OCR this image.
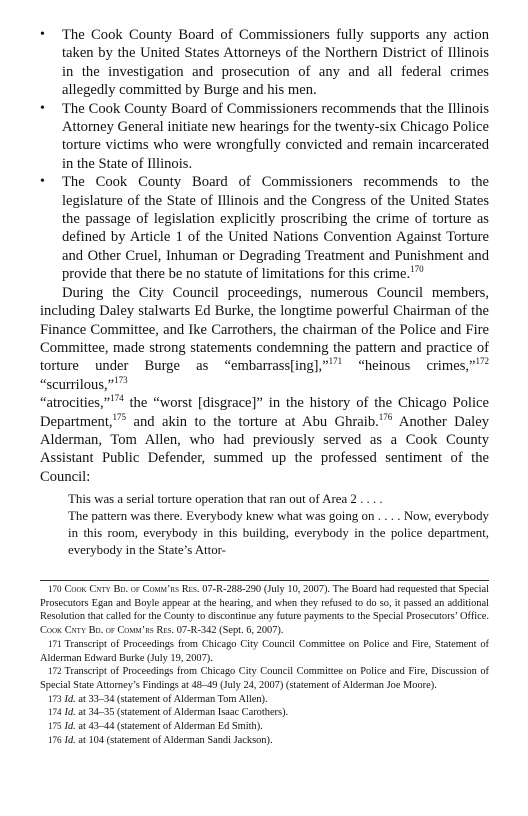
• The Cook County Board of Commissioners fully supports any action taken by the United States Attorneys of the Northern District of Illinois in the investigation and prosecution of any and all federal crimes allegedly committed by Burge and his men.
• The Cook County Board of Commissioners recommends that the Illinois Attorney General initiate new hearings for the twenty-six Chicago Police torture victims who were wrongfully convicted and remain incarcerated in the State of Illinois.
• The Cook County Board of Commissioners recommends to the legislature of the State of Illinois and the Congress of the United States the passage of legislation explicitly proscribing the crime of torture as defined by Article 1 of the United Nations Convention Against Torture and Other Cruel, Inhuman or Degrading Treatment and Punishment and provide that there be no statute of limitations for this crime.$^{170}$

During the City Council proceedings, numerous Council members, including Daley stalwarts Ed Burke, the longtime powerful Chairman of the Finance Committee, and Ike Carrothers, the chairman of the Police and Fire Committee, made strong statements condemning the pattern and practice of torture under Burge as “embarrass[ing],”$^{171}$ “heinous crimes,”$^{172}$ “scurrilous,”$^{173}$
“atrocities,”$^{174}$ the “worst [disgrace]” in the history of the Chicago Police Department,$^{175}$ and akin to the torture at Abu Ghraib.$^{176}$ Another Daley Alderman, Tom Allen, who had previously served as a Cook County Assistant Public Defender, summed up the professed sentiment of the Council:

This was a serial torture operation that ran out of Area 2 . . . .

The pattern was there. Everybody knew what was going on . . . . Now, everybody in this room, everybody in this building, everybody in the police department, everybody in the State’s Attor-

170 Cook Cnty Bd. of Comm’rs Res. 07-R-288-290 (July 10, 2007). The Board had requested that Special Prosecutors Egan and Boyle appear at the hearing, and when they refused to do so, it passed an additional Resolution that called for the County to discontinue any future payments to the Special Prosecutors’ Office. Cook Cnty Bd. of Comm’rs Res. 07-R-342 (Sept. 6, 2007).

171 Transcript of Proceedings from Chicago City Council Committee on Police and Fire, Statement of Alderman Edward Burke (July 19, 2007).

172 Transcript of Proceedings from Chicago City Council Committee on Police and Fire, Discussion of Special State Attorney’s Findings at 48–49 (July 24, 2007) (statement of Alderman Joe Moore).

173 Id. at 33–34 (statement of Alderman Tom Allen).

174 Id. at 34–35 (statement of Alderman Isaac Carothers).

175 Id. at 43–44 (statement of Alderman Ed Smith).

176 Id. at 104 (statement of Alderman Sandi Jackson).
